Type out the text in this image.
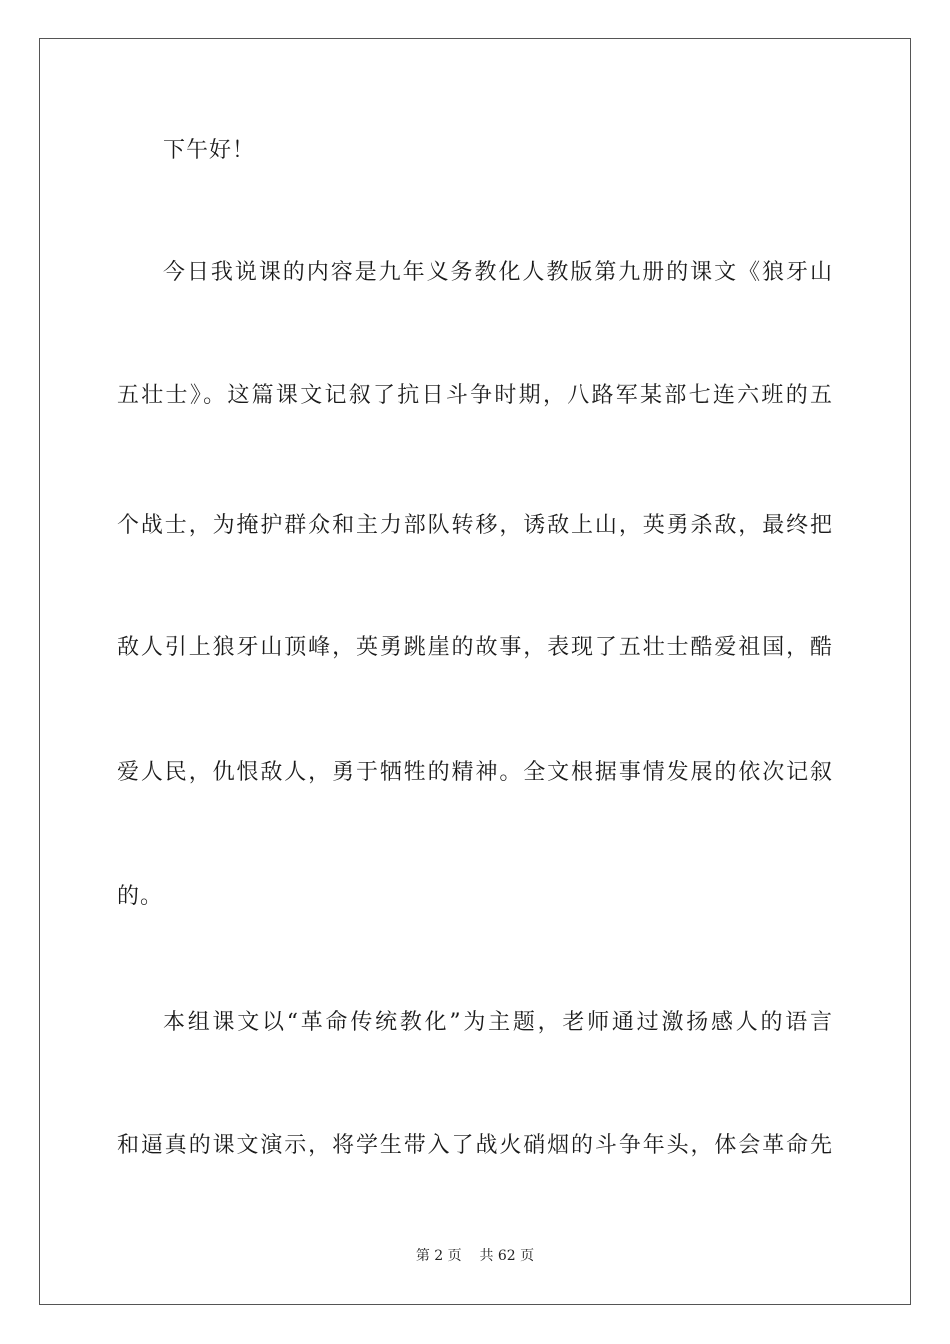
下午好！
今日我说课的内容是九年义务教化人教版第九册的课文《狼牙山
五壮士》。这篇课文记叙了抗日斗争时期，八路军某部七连六班的五
个战士，为掩护群众和主力部队转移，诱敌上山，英勇杀敌，最终把
敌人引上狼牙山顶峰，英勇跳崖的故事，表现了五壮士酷爱祖国，酷
爱人民，仇恨敌人，勇于牺牲的精神。全文根据事情发展的依次记叙
的。
本组课文以“革命传统教化”为主题，老师通过激扬感人的语言
和逼真的课文演示，将学生带入了战火硝烟的斗争年头，体会革命先
第 2 页 共 62 页
